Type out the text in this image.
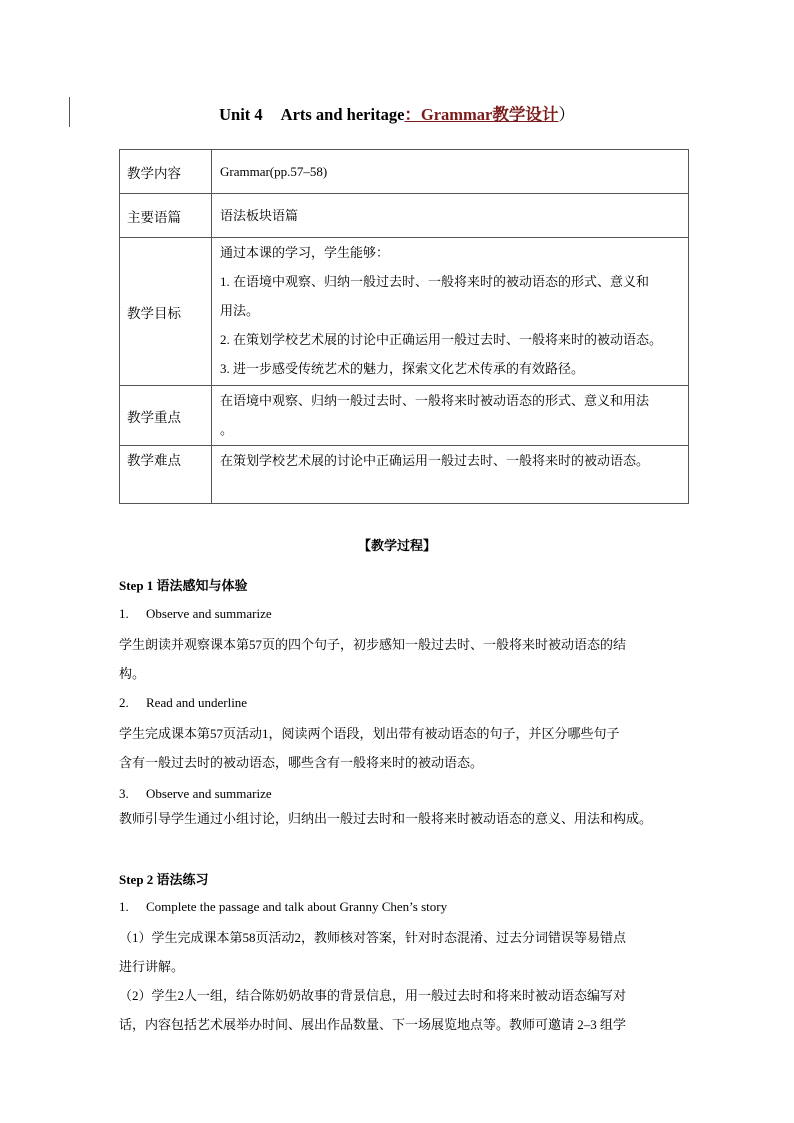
Unit 4 Arts and heritage：Grammar教学设计）
教学内容	Grammar(pp.57–58)

主要语篇	语法板块语篇

教学目标	通过本课的学习，学生能够：
1. 在语境中观察、归纳一般过去时、一般将来时的被动语态的形式、意义和
用法。
2. 在策划学校艺术展的讨论中正确运用一般过去时、一般将来时的被动语态。
3. 进一步感受传统艺术的魅力，探索文化艺术传承的有效路径。

教学重点	在语境中观察、归纳一般过去时、一般将来时被动语态的形式、意义和用法
。

教学难点	在策划学校艺术展的讨论中正确运用一般过去时、一般将来时的被动语态。
【教学过程】
Step 1 语法感知与体验
1. Observe and summarize
学生朗读并观察课本第57页的四个句子，初步感知一般过去时、一般将来时被动语态的结
构。
2. Read and underline
学生完成课本第57页活动1，阅读两个语段，划出带有被动语态的句子，并区分哪些句子
含有一般过去时的被动语态，哪些含有一般将来时的被动语态。
3. Observe and summarize
教师引导学生通过小组讨论，归纳出一般过去时和一般将来时被动语态的意义、用法和构成。
Step 2 语法练习
1. Complete the passage and talk about Granny Chen’s story
（1）学生完成课本第58页活动2，教师核对答案，针对时态混淆、过去分词错误等易错点
进行讲解。
（2）学生2人一组，结合陈奶奶故事的背景信息，用一般过去时和将来时被动语态编写对
话，内容包括艺术展举办时间、展出作品数量、下一场展览地点等。教师可邀请 2–3 组学
